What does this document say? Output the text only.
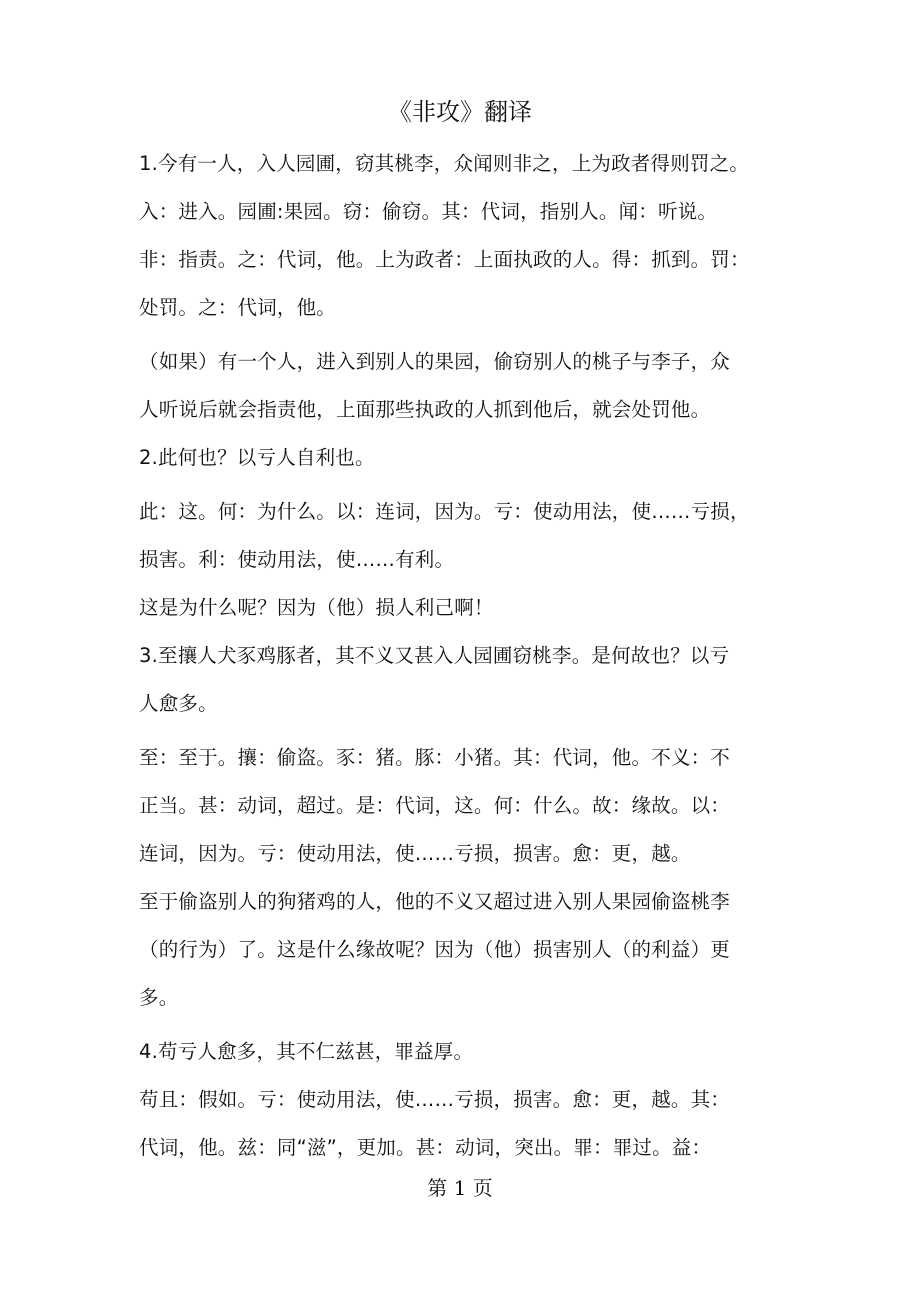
《非攻》翻译
1.今有一人，入人园圃，窃其桃李，众闻则非之，上为政者得则罚之。
入：进入。园圃:果园。窃：偷窃。其：代词，指别人。闻：听说。
非：指责。之：代词，他。上为政者：上面执政的人。得：抓到。罚：
处罚。之：代词，他。
（如果）有一个人，进入到别人的果园，偷窃别人的桃子与李子，众
人听说后就会指责他，上面那些执政的人抓到他后，就会处罚他。
2.此何也？以亏人自利也。
此：这。何：为什么。以：连词，因为。亏：使动用法，使……亏损，
损害。利：使动用法，使……有利。
这是为什么呢？因为（他）损人利己啊！
3.至攘人犬豕鸡豚者，其不义又甚入人园圃窃桃李。是何故也？以亏
人愈多。
至：至于。攘：偷盗。豕：猪。豚：小猪。其：代词，他。不义：不
正当。甚：动词，超过。是：代词，这。何：什么。故：缘故。以：
连词，因为。亏：使动用法，使……亏损，损害。愈：更，越。
至于偷盗别人的狗猪鸡的人，他的不义又超过进入别人果园偷盗桃李
（的行为）了。这是什么缘故呢？因为（他）损害别人（的利益）更
多。
4.苟亏人愈多，其不仁兹甚，罪益厚。
苟且：假如。亏：使动用法，使……亏损，损害。愈：更，越。其：
代词，他。兹：同“滋”，更加。甚：动词，突出。罪：罪过。益：
第 1 页
